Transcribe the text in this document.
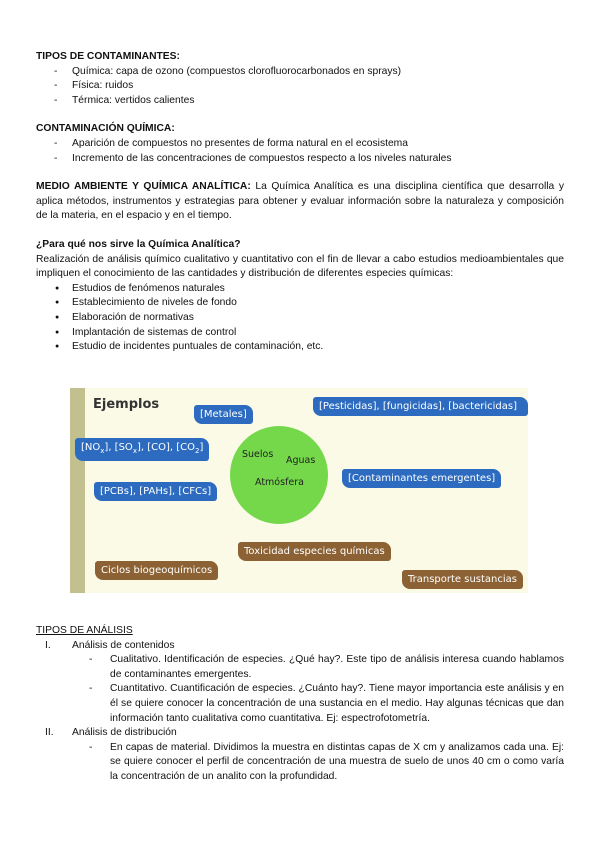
TIPOS DE CONTAMINANTES:
- Química: capa de ozono (compuestos clorofluorocarbonados en sprays)
- Física: ruidos
- Térmica: vertidos calientes
CONTAMINACIÓN QUÍMICA:
- Aparición de compuestos no presentes de forma natural en el ecosistema
- Incremento de las concentraciones de compuestos respecto a los niveles naturales

MEDIO AMBIENTE Y QUÍMICA ANALÍTICA: La Química Analítica es una disciplina científica que desarrolla y aplica métodos, instrumentos y estrategias para obtener y evaluar información sobre la naturaleza y composición de la materia, en el espacio y en el tiempo.

¿Para qué nos sirve la Química Analítica?

Realización de análisis químico cualitativo y cuantitativo con el fin de llevar a cabo estudios medioambientales que impliquen el conocimiento de las cantidades y distribución de diferentes especies químicas:

● Estudios de fenómenos naturales
● Establecimiento de niveles de fondo
● Elaboración de normativas
● Implantación de sistemas de control
● Estudio de incidentes puntuales de contaminación, etc.
Ejemplos
[Metales]
[Pesticidas], [fungicidas], [bactericidas]
$[NO_x]$, $[SO_x]$, [CO], $[CO_2]$
[PCBs], [PAHs], [CFCs]
[Contaminantes emergentes]
Suelos
Aguas
Atmósfera
Toxicidad especies químicas
Ciclos biogeoquímicos
Transporte sustancias
TIPOS DE ANÁLISIS
I. Análisis de contenidos
- Cualitativo. Identificación de especies. ¿Qué hay?. Este tipo de análisis interesa cuando hablamos de contaminantes emergentes.
- Cuantitativo. Cuantificación de especies. ¿Cuánto hay?. Tiene mayor importancia este análisis y en él se quiere conocer la concentración de una sustancia en el medio. Hay algunas técnicas que dan información tanto cualitativa como cuantitativa. Ej: espectrofotometría.
II. Análisis de distribución
- En capas de material. Dividimos la muestra en distintas capas de X cm y analizamos cada una. Ej: se quiere conocer el perfil de concentración de una muestra de suelo de unos 40 cm o como varía la concentración de un analito con la profundidad.
